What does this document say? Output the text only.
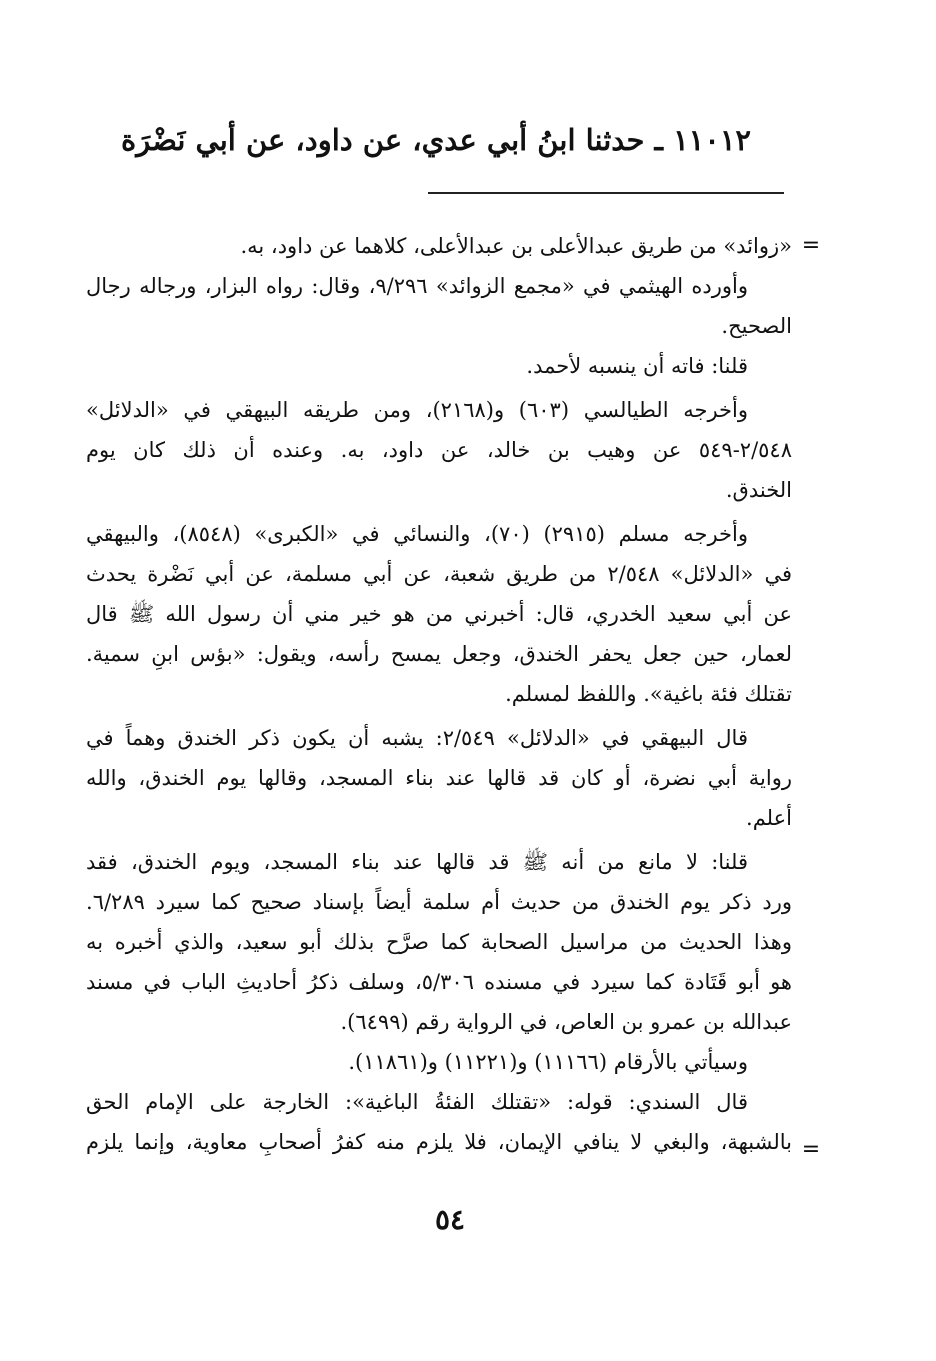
١١٠١٢ ـ حدثنا ابنُ أبي عدي، عن داود، عن أبي نَضْرَة
=
«زوائد» من طريق عبدالأعلى بن عبدالأعلى، كلاهما عن داود، به.
وأورده الهيثمي في «مجمع الزوائد» ٩/٢٩٦، وقال: رواه البزار، ورجاله رجال
الصحيح.
قلنا: فاته أن ينسبه لأحمد.
وأخرجه الطيالسي (٦٠٣) و(٢١٦٨)، ومن طريقه البيهقي في «الدلائل»
٢/٥٤٨-٥٤٩ عن وهيب بن خالد، عن داود، به. وعنده أن ذلك كان يوم
الخندق.
وأخرجه مسلم (٢٩١٥) (٧٠)، والنسائي في «الكبرى» (٨٥٤٨)، والبيهقي
في «الدلائل» ٢/٥٤٨ من طريق شعبة، عن أبي مسلمة، عن أبي نَضْرة يحدث
عن أبي سعيد الخدري، قال: أخبرني من هو خير مني أن رسول الله ﷺ قال
لعمار، حين جعل يحفر الخندق، وجعل يمسح رأسه، ويقول: «بؤس ابنِ سمية.
تقتلك فئة باغية». واللفظ لمسلم.
قال البيهقي في «الدلائل» ٢/٥٤٩: يشبه أن يكون ذكر الخندق وهماً في
رواية أبي نضرة، أو كان قد قالها عند بناء المسجد، وقالها يوم الخندق، والله
أعلم.
قلنا: لا مانع من أنه ﷺ قد قالها عند بناء المسجد، ويوم الخندق، فقد
ورد ذكر يوم الخندق من حديث أم سلمة أيضاً بإسناد صحيح كما سيرد ٦/٢٨٩.
وهذا الحديث من مراسيل الصحابة كما صرَّح بذلك أبو سعيد، والذي أخبره به
هو أبو قَتَادة كما سيرد في مسنده ٥/٣٠٦، وسلف ذكرُ أحاديثِ الباب في مسند
عبدالله بن عمرو بن العاص، في الرواية رقم (٦٤٩٩).
وسيأتي بالأرقام (١١١٦٦) و(١١٢٢١) و(١١٨٦١).
قال السندي: قوله: «تقتلك الفئةُ الباغية»: الخارجة على الإمام الحق
بالشبهة، والبغي لا ينافي الإيمان، فلا يلزم منه كفرُ أصحابِ معاوية، وإنما يلزم =
٥٤
